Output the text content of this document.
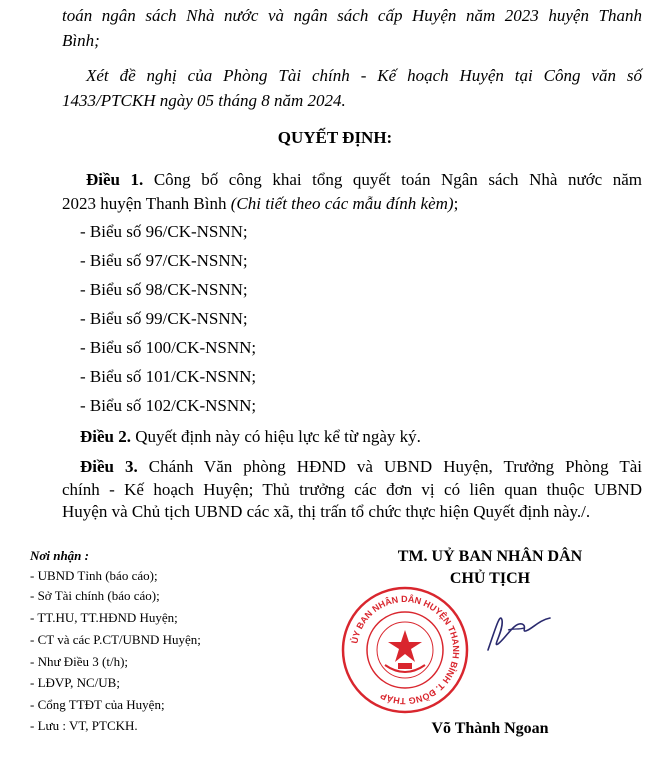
toán ngân sách Nhà nước và ngân sách cấp Huyện năm 2023 huyện Thanh
Bình;
Xét đề nghị của Phòng Tài chính - Kế hoạch Huyện tại Công văn số
1433/PTCKH ngày 05 tháng 8 năm 2024.
QUYẾT ĐỊNH:
Điều 1. Công bố công khai tổng quyết toán Ngân sách Nhà nước năm
2023 huyện Thanh Bình (Chi tiết theo các mẫu đính kèm);
- Biểu số 96/CK-NSNN;
- Biểu số 97/CK-NSNN;
- Biểu số 98/CK-NSNN;
- Biểu số 99/CK-NSNN;
- Biểu số 100/CK-NSNN;
- Biểu số 101/CK-NSNN;
- Biểu số 102/CK-NSNN;
Điều 2. Quyết định này có hiệu lực kể từ ngày ký.
Điều 3. Chánh Văn phòng HĐND và UBND Huyện, Trưởng Phòng Tài
chính - Kế hoạch Huyện; Thủ trưởng các đơn vị có liên quan thuộc UBND
Huyện và Chủ tịch UBND các xã, thị trấn tổ chức thực hiện Quyết định này./.
Nơi nhận :
- UBND Tỉnh (báo cáo);
- Sở Tài chính (báo cáo);
- TT.HU, TT.HĐND Huyện;
- CT và các P.CT/UBND Huyện;
- Như Điều 3 (t/h);
- LĐVP, NC/UB;
- Cổng TTĐT của Huyện;
- Lưu : VT, PTCKH.
TM. UỶ BAN NHÂN DÂN
CHỦ TỊCH
ỦY BAN NHÂN DÂN HUYỆN THANH BÌNH T. ĐỒNG THÁP
Võ Thành Ngoan
